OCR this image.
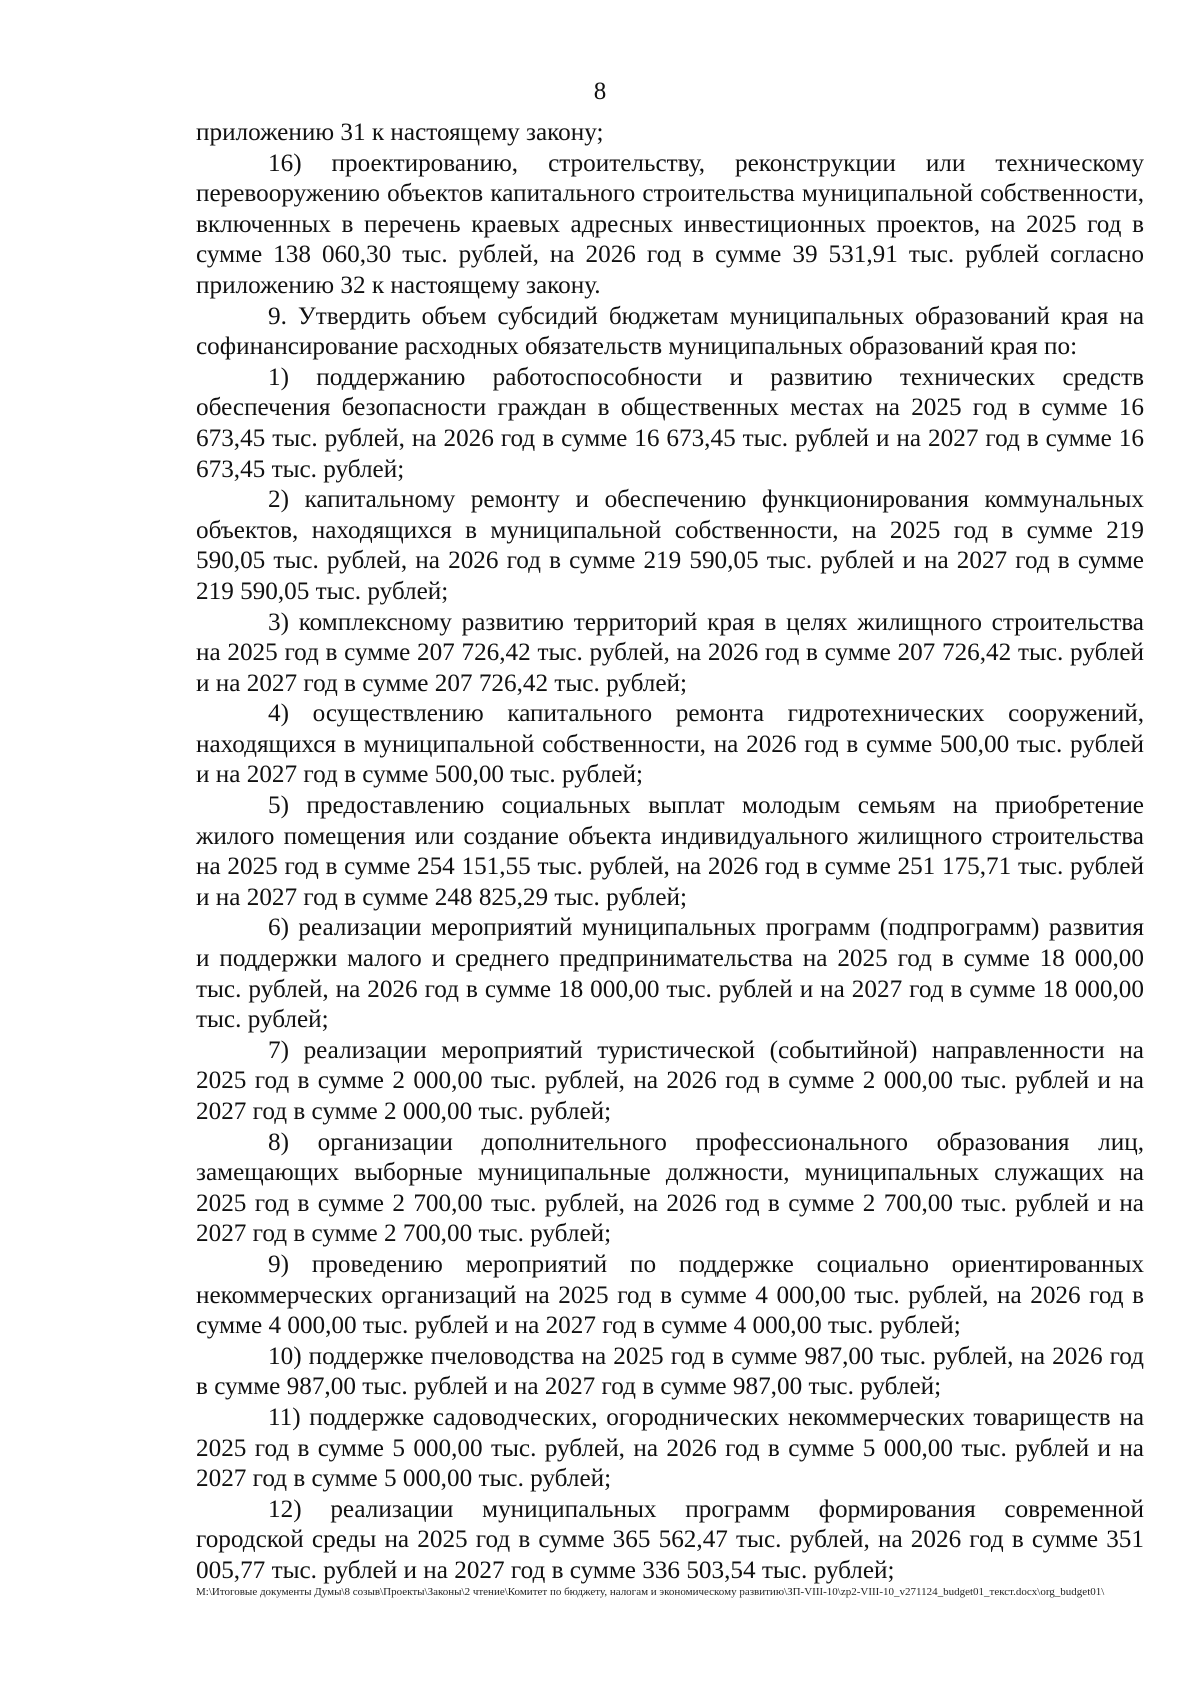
8

приложению 31 к настоящему закону;

16) проектированию, строительству, реконструкции или техническому перевооружению объектов капитального строительства муниципальной собственности, включенных в перечень краевых адресных инвестиционных проектов, на 2025 год в сумме 138 060,30 тыс. рублей, на 2026 год в сумме 39 531,91 тыс. рублей согласно приложению 32 к настоящему закону.

9. Утвердить объем субсидий бюджетам муниципальных образований края на софинансирование расходных обязательств муниципальных образований края по:

1) поддержанию работоспособности и развитию технических средств обеспечения безопасности граждан в общественных местах на 2025 год в сумме 16 673,45 тыс. рублей, на 2026 год в сумме 16 673,45 тыс. рублей и на 2027 год в сумме 16 673,45 тыс. рублей;

2) капитальному ремонту и обеспечению функционирования коммунальных объектов, находящихся в муниципальной собственности, на 2025 год в сумме 219 590,05 тыс. рублей, на 2026 год в сумме 219 590,05 тыс. рублей и на 2027 год в сумме 219 590,05 тыс. рублей;

3) комплексному развитию территорий края в целях жилищного строительства на 2025 год в сумме 207 726,42 тыс. рублей, на 2026 год в сумме 207 726,42 тыс. рублей и на 2027 год в сумме 207 726,42 тыс. рублей;

4) осуществлению капитального ремонта гидротехнических сооружений, находящихся в муниципальной собственности, на 2026 год в сумме 500,00 тыс. рублей и на 2027 год в сумме 500,00 тыс. рублей;

5) предоставлению социальных выплат молодым семьям на приобретение жилого помещения или создание объекта индивидуального жилищного строительства на 2025 год в сумме 254 151,55 тыс. рублей, на 2026 год в сумме 251 175,71 тыс. рублей и на 2027 год в сумме 248 825,29 тыс. рублей;

6) реализации мероприятий муниципальных программ (подпрограмм) развития и поддержки малого и среднего предпринимательства на 2025 год в сумме 18 000,00 тыс. рублей, на 2026 год в сумме 18 000,00 тыс. рублей и на 2027 год в сумме 18 000,00 тыс. рублей;

7) реализации мероприятий туристической (событийной) направленности на 2025 год в сумме 2 000,00 тыс. рублей, на 2026 год в сумме 2 000,00 тыс. рублей и на 2027 год в сумме 2 000,00 тыс. рублей;

8) организации дополнительного профессионального образования лиц, замещающих выборные муниципальные должности, муниципальных служащих на 2025 год в сумме 2 700,00 тыс. рублей, на 2026 год в сумме 2 700,00 тыс. рублей и на 2027 год в сумме 2 700,00 тыс. рублей;

9) проведению мероприятий по поддержке социально ориентированных некоммерческих организаций на 2025 год в сумме 4 000,00 тыс. рублей, на 2026 год в сумме 4 000,00 тыс. рублей и на 2027 год в сумме 4 000,00 тыс. рублей;

10) поддержке пчеловодства на 2025 год в сумме 987,00 тыс. рублей, на 2026 год в сумме 987,00 тыс. рублей и на 2027 год в сумме 987,00 тыс. рублей;

11) поддержке садоводческих, огороднических некоммерческих товариществ на 2025 год в сумме 5 000,00 тыс. рублей, на 2026 год в сумме 5 000,00 тыс. рублей и на 2027 год в сумме 5 000,00 тыс. рублей;

12) реализации муниципальных программ формирования современной городской среды на 2025 год в сумме 365 562,47 тыс. рублей, на 2026 год в сумме 351 005,77 тыс. рублей и на 2027 год в сумме 336 503,54 тыс. рублей;

M:\Итоговые документы Думы\8 созыв\Проекты\Законы\2 чтение\Комитет по бюджету, налогам и экономическому развитию\ЗП-VIII-10\zp2-VIII-10_v271124_budget01_текст.docx\org_budget01\
